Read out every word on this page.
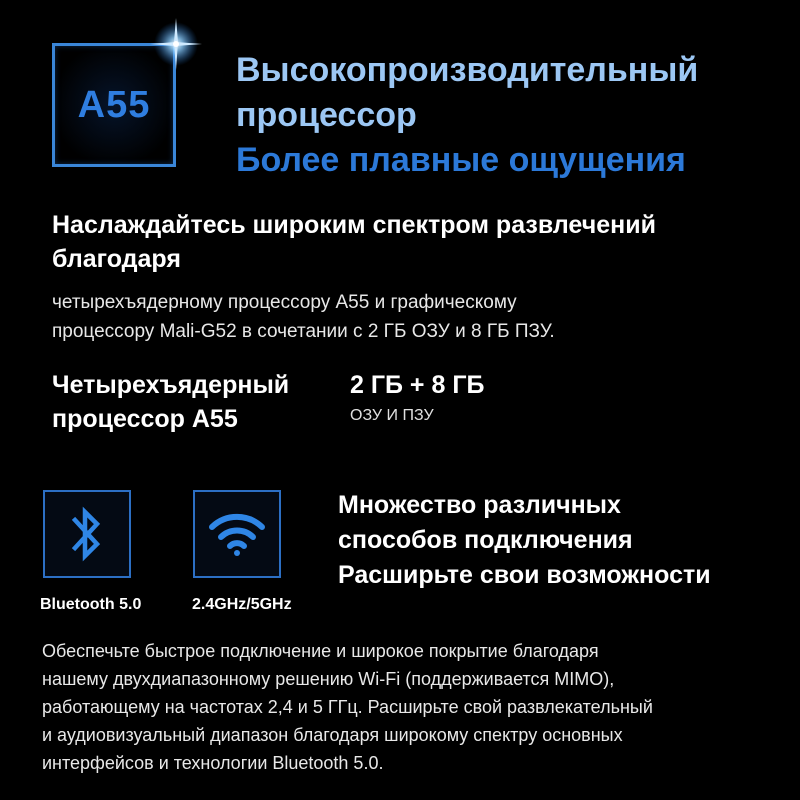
A55
Высокопроизводительный
процессор
Более плавные ощущения
Наслаждайтесь широким спектром развлечений
благодаря
четырехъядерному процессору A55 и графическому
процессору Mali-G52 в сочетании с 2 ГБ ОЗУ и 8 ГБ ПЗУ.
Четырехъядерный
процессор A55
2 ГБ + 8 ГБ
ОЗУ И ПЗУ
Bluetooth 5.0	2.4GHz/5GHz
Множество различных
способов подключения
Расширьте свои возможности
Обеспечьте быстрое подключение и широкое покрытие благодаря
нашему двухдиапазонному решению Wi-Fi (поддерживается MIMO),
работающему на частотах 2,4 и 5 ГГц. Расширьте свой развлекательный
и аудиовизуальный диапазон благодаря широкому спектру основных
интерфейсов и технологии Bluetooth 5.0.
